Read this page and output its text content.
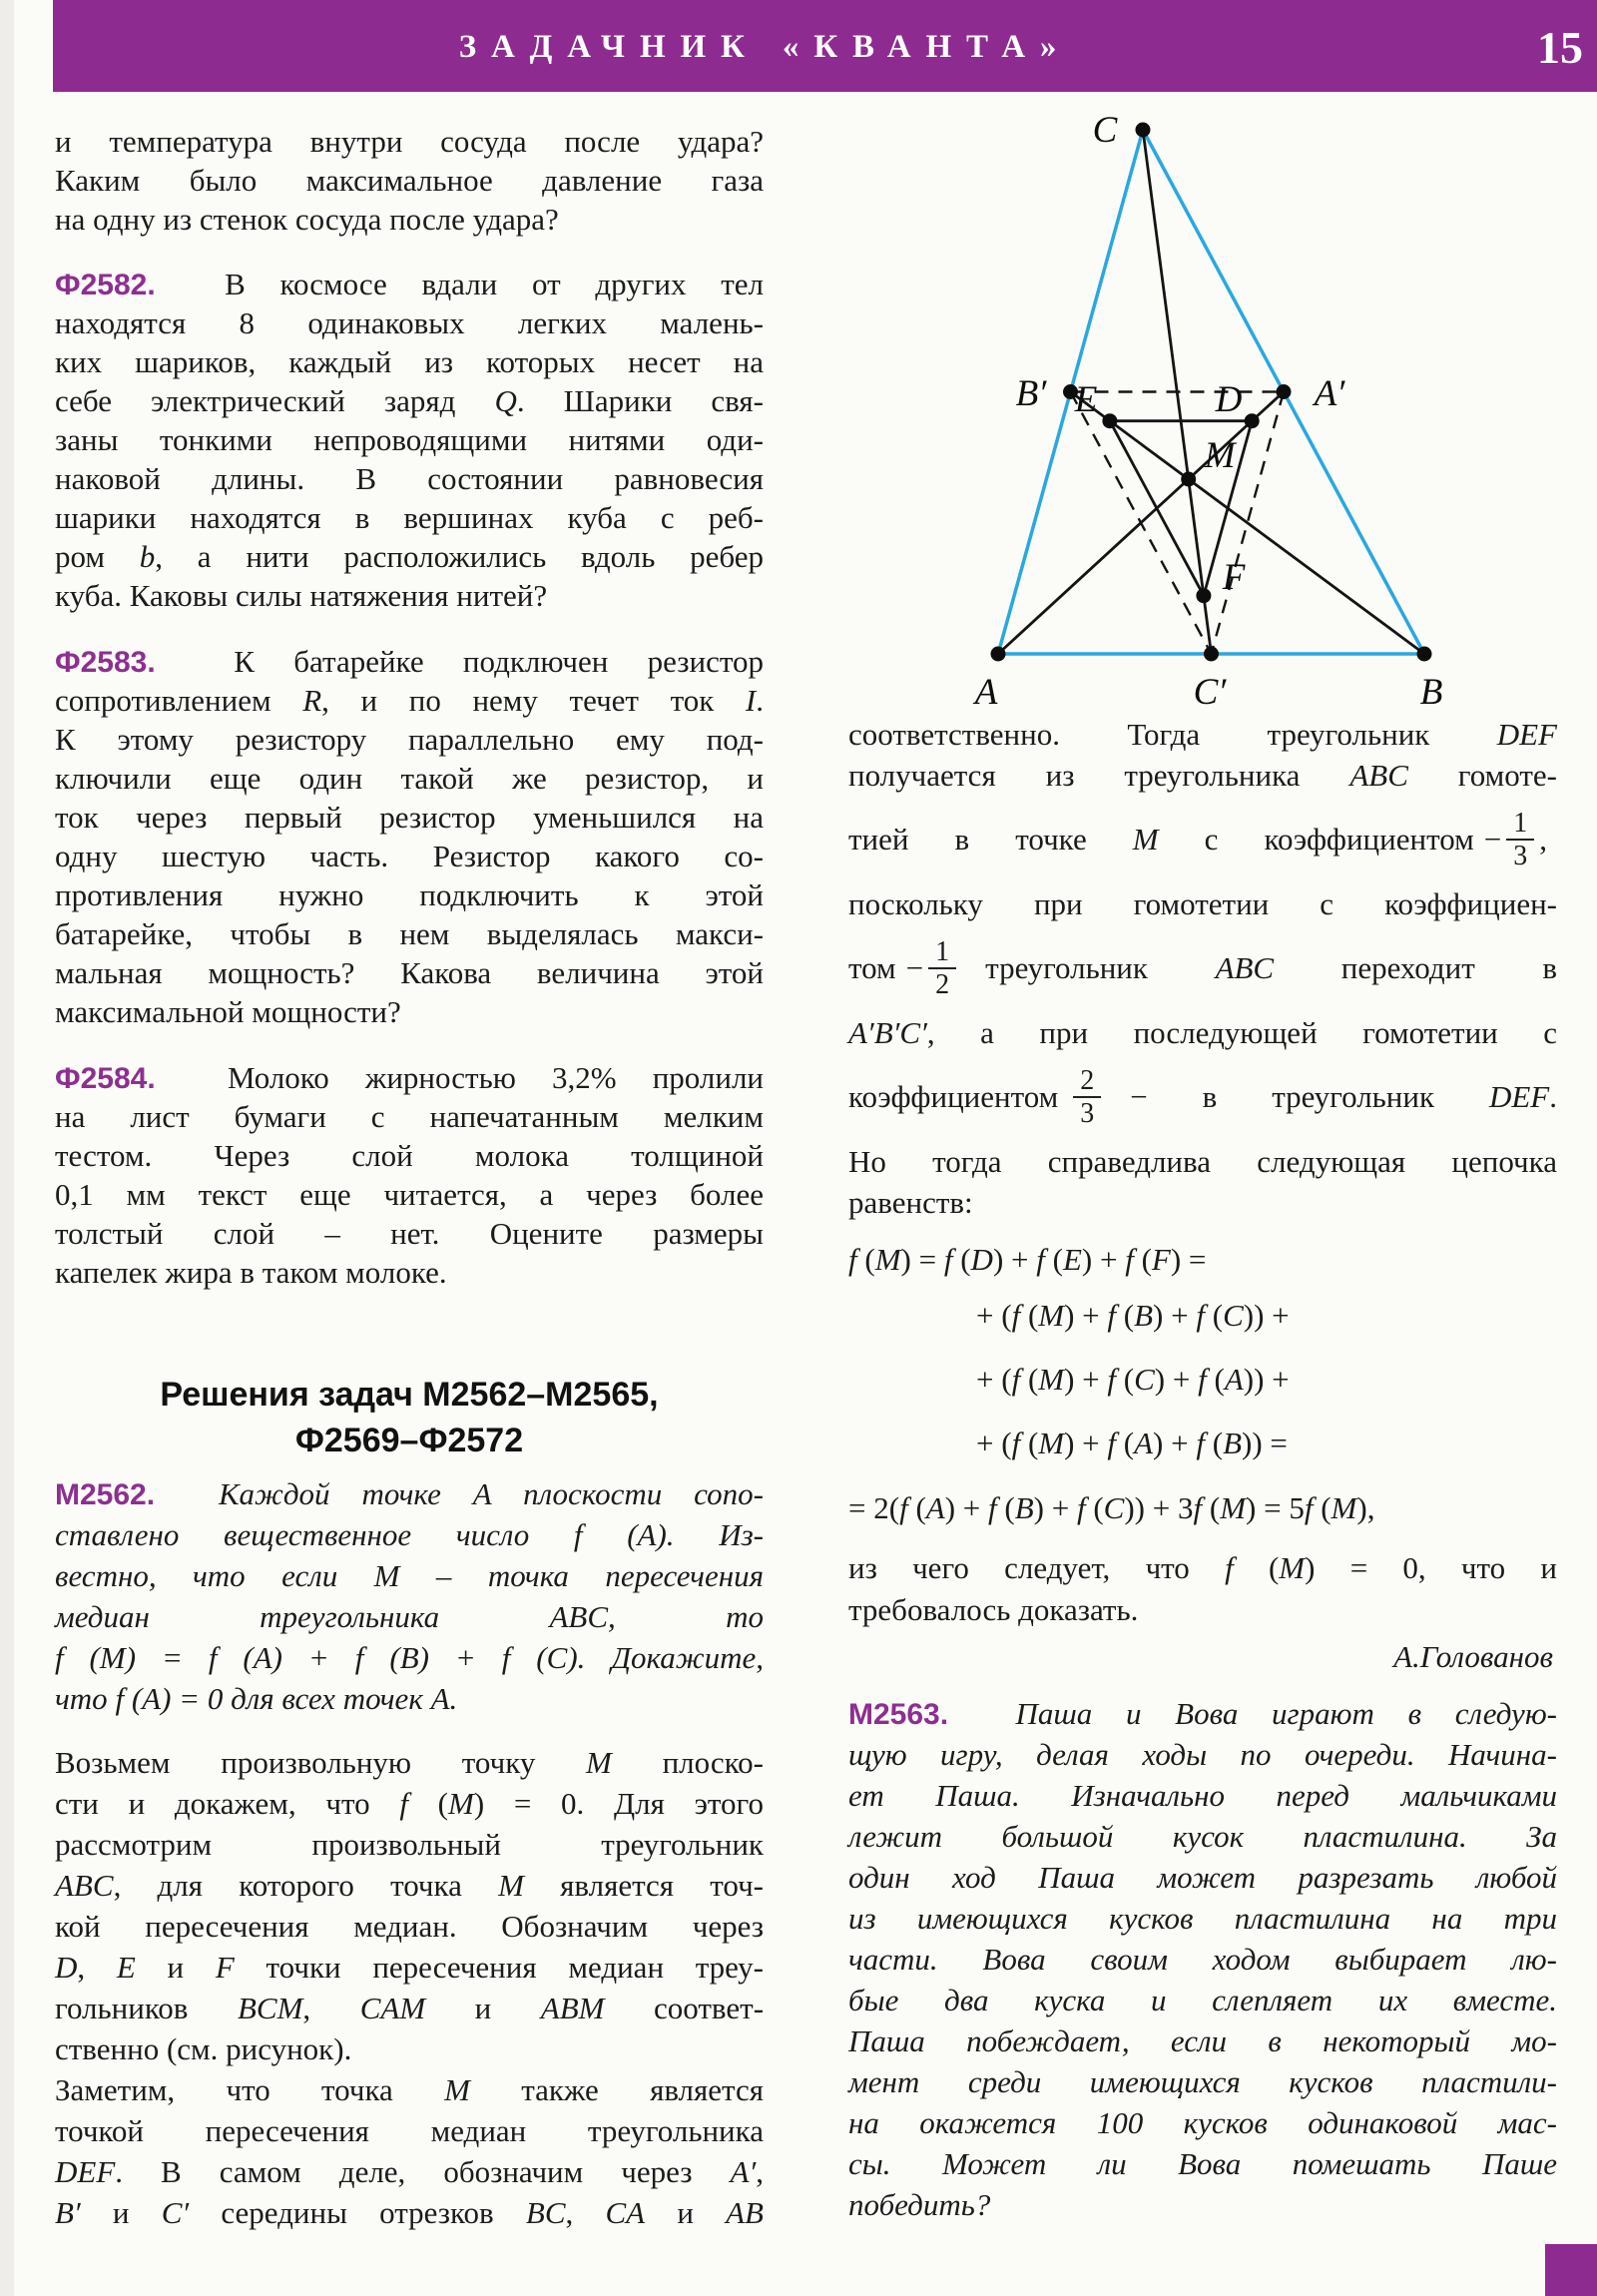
ЗАДАЧНИК «КВАНТА»	15
и температура внутри сосуда после удара?
Каким было максимальное давление газа
на одну из стенок сосуда после удара?
Ф2582.  В космосе вдали от других тел
находятся 8 одинаковых легких малень-
ких шариков, каждый из которых несет на
себе электрический заряд Q. Шарики свя-
заны тонкими непроводящими нитями оди-
наковой длины. В состоянии равновесия
шарики находятся в вершинах куба с реб-
ром b, а нити расположились вдоль ребер
куба. Каковы силы натяжения нитей?
Ф2583.  К батарейке подключен резистор
сопротивлением R, и по нему течет ток I.
К этому резистору параллельно ему под-
ключили еще один такой же резистор, и
ток через первый резистор уменьшился на
одну шестую часть. Резистор какого со-
противления нужно подключить к этой
батарейке, чтобы в нем выделялась макси-
мальная мощность? Какова величина этой
максимальной мощности?
Ф2584.  Молоко жирностью 3,2% пролили
на лист бумаги с напечатанным мелким
тестом. Через слой молока толщиной
0,1 мм текст еще читается, а через более
толстый слой – нет. Оцените размеры
капелек жира в таком молоке.
Решения задач М2562–М2565,
Ф2569–Ф2572
М2562.  Каждой точке A плоскости сопо-
ставлено вещественное число f (A). Из-
вестно, что если M – точка пересечения
медиан треугольника ABC, то
f (M) = f (A) + f (B) + f (C). Докажите,
что f (A) = 0 для всех точек A.
Возьмем произвольную точку M плоско-
сти и докажем, что f (M) = 0. Для этого
рассмотрим произвольный треугольник
ABC, для которого точка M является точ-
кой пересечения медиан. Обозначим через
D, E и F точки пересечения медиан треу-
гольников BCM, CAM и ABM соответ-
ственно (см. рисунок).
Заметим, что точка M также является
точкой пересечения медиан треугольника
DEF. В самом деле, обозначим через A′,
B′ и C′ середины отрезков BC, CA и AB
A	B
C
C′
B′	A′
E	D
M
F
соответственно. Тогда треугольник DEF
получается из треугольника ABC гомоте-
тией в точке M с коэффициентом − $\frac{1}{3}$ ,
поскольку при гомотетии с коэффициен-
том − $\frac{1}{2}$ треугольник ABC переходит в
A′B′C′, а при последующей гомотетии с
коэффициентом $\frac{2}{3} - в$ треугольник DEF.
Но тогда справедлива следующая цепочка
равенств:
f (M) = f (D) + f (E) + f (F) =
+ (f (M) + f (B) + f (C)) +
+ (f (M) + f (C) + f (A)) +
+ (f (M) + f (A) + f (B)) =
= 2(f (A) + f (B) + f (C)) + 3f (M) = 5f (M),
из чего следует, что f (M) = 0, что и
требовалось доказать.
А.Голованов
М2563.  Паша и Вова играют в следую-
щую игру, делая ходы по очереди. Начина-
ет Паша. Изначально перед мальчиками
лежит большой кусок пластилина. За
один ход Паша может разрезать любой
из имеющихся кусков пластилина на три
части. Вова своим ходом выбирает лю-
бые два куска и слепляет их вместе.
Паша побеждает, если в некоторый мо-
мент среди имеющихся кусков пластили-
на окажется 100 кусков одинаковой мас-
сы. Может ли Вова помешать Паше
победить?
